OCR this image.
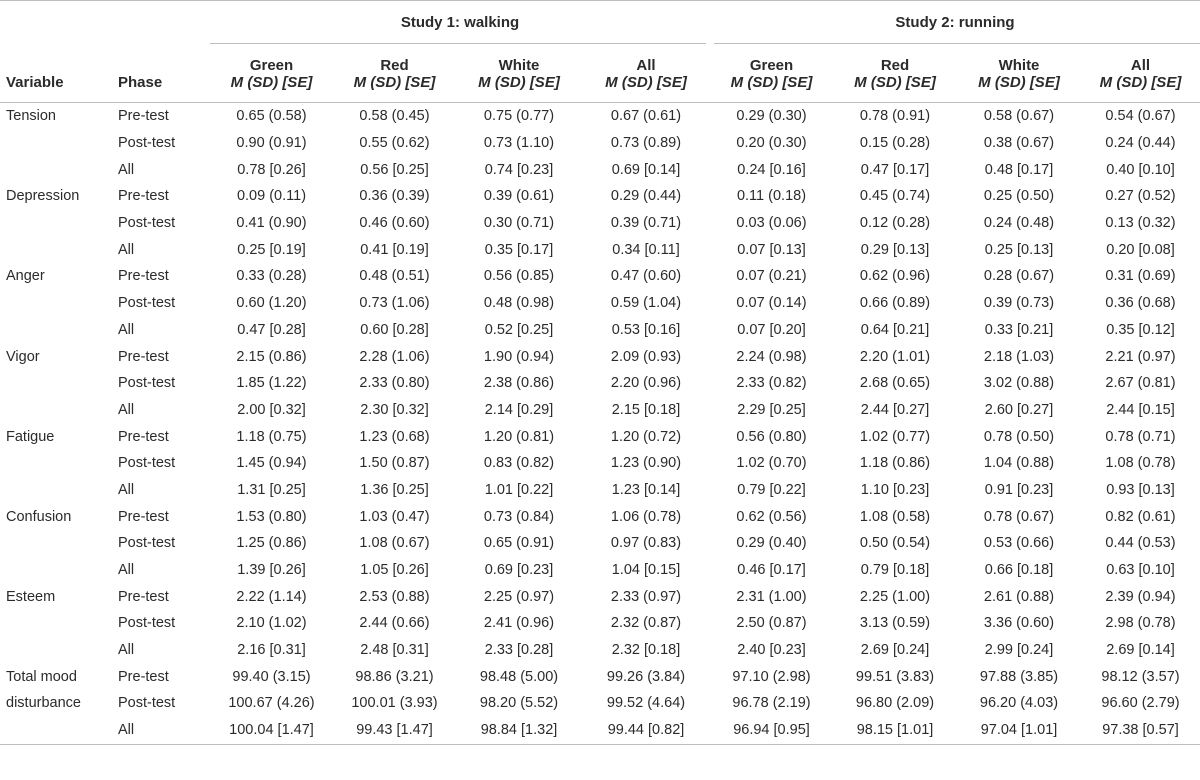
		Study 1: walking				Study 2: running			

		Green	Red	White	All	Green	Red	White	All
Variable	Phase	M (SD) [SE]	M (SD) [SE]	M (SD) [SE]	M (SD) [SE]	M (SD) [SE]	M (SD) [SE]	M (SD) [SE]	M (SD) [SE]

Tension	Pre-test	0.65 (0.58)	0.58 (0.45)	0.75 (0.77)	0.67 (0.61)	0.29 (0.30)	0.78 (0.91)	0.58 (0.67)	0.54 (0.67)
	Post-test	0.90 (0.91)	0.55 (0.62)	0.73 (1.10)	0.73 (0.89)	0.20 (0.30)	0.15 (0.28)	0.38 (0.67)	0.24 (0.44)
	All	0.78 [0.26]	0.56 [0.25]	0.74 [0.23]	0.69 [0.14]	0.24 [0.16]	0.47 [0.17]	0.48 [0.17]	0.40 [0.10]
Depression	Pre-test	0.09 (0.11)	0.36 (0.39)	0.39 (0.61)	0.29 (0.44)	0.11 (0.18)	0.45 (0.74)	0.25 (0.50)	0.27 (0.52)
	Post-test	0.41 (0.90)	0.46 (0.60)	0.30 (0.71)	0.39 (0.71)	0.03 (0.06)	0.12 (0.28)	0.24 (0.48)	0.13 (0.32)
	All	0.25 [0.19]	0.41 [0.19]	0.35 [0.17]	0.34 [0.11]	0.07 [0.13]	0.29 [0.13]	0.25 [0.13]	0.20 [0.08]
Anger	Pre-test	0.33 (0.28)	0.48 (0.51)	0.56 (0.85)	0.47 (0.60)	0.07 (0.21)	0.62 (0.96)	0.28 (0.67)	0.31 (0.69)
	Post-test	0.60 (1.20)	0.73 (1.06)	0.48 (0.98)	0.59 (1.04)	0.07 (0.14)	0.66 (0.89)	0.39 (0.73)	0.36 (0.68)
	All	0.47 [0.28]	0.60 [0.28]	0.52 [0.25]	0.53 [0.16]	0.07 [0.20]	0.64 [0.21]	0.33 [0.21]	0.35 [0.12]
Vigor	Pre-test	2.15 (0.86)	2.28 (1.06)	1.90 (0.94)	2.09 (0.93)	2.24 (0.98)	2.20 (1.01)	2.18 (1.03)	2.21 (0.97)
	Post-test	1.85 (1.22)	2.33 (0.80)	2.38 (0.86)	2.20 (0.96)	2.33 (0.82)	2.68 (0.65)	3.02 (0.88)	2.67 (0.81)
	All	2.00 [0.32]	2.30 [0.32]	2.14 [0.29]	2.15 [0.18]	2.29 [0.25]	2.44 [0.27]	2.60 [0.27]	2.44 [0.15]
Fatigue	Pre-test	1.18 (0.75)	1.23 (0.68)	1.20 (0.81)	1.20 (0.72)	0.56 (0.80)	1.02 (0.77)	0.78 (0.50)	0.78 (0.71)
	Post-test	1.45 (0.94)	1.50 (0.87)	0.83 (0.82)	1.23 (0.90)	1.02 (0.70)	1.18 (0.86)	1.04 (0.88)	1.08 (0.78)
	All	1.31 [0.25]	1.36 [0.25]	1.01 [0.22]	1.23 [0.14]	0.79 [0.22]	1.10 [0.23]	0.91 [0.23]	0.93 [0.13]
Confusion	Pre-test	1.53 (0.80)	1.03 (0.47)	0.73 (0.84)	1.06 (0.78)	0.62 (0.56)	1.08 (0.58)	0.78 (0.67)	0.82 (0.61)
	Post-test	1.25 (0.86)	1.08 (0.67)	0.65 (0.91)	0.97 (0.83)	0.29 (0.40)	0.50 (0.54)	0.53 (0.66)	0.44 (0.53)
	All	1.39 [0.26]	1.05 [0.26]	0.69 [0.23]	1.04 [0.15]	0.46 [0.17]	0.79 [0.18]	0.66 [0.18]	0.63 [0.10]
Esteem	Pre-test	2.22 (1.14)	2.53 (0.88)	2.25 (0.97)	2.33 (0.97)	2.31 (1.00)	2.25 (1.00)	2.61 (0.88)	2.39 (0.94)
	Post-test	2.10 (1.02)	2.44 (0.66)	2.41 (0.96)	2.32 (0.87)	2.50 (0.87)	3.13 (0.59)	3.36 (0.60)	2.98 (0.78)
	All	2.16 [0.31]	2.48 [0.31]	2.33 [0.28]	2.32 [0.18]	2.40 [0.23]	2.69 [0.24]	2.99 [0.24]	2.69 [0.14]
Total mood	Pre-test	99.40 (3.15)	98.86 (3.21)	98.48 (5.00)	99.26 (3.84)	97.10 (2.98)	99.51 (3.83)	97.88 (3.85)	98.12 (3.57)
disturbance	Post-test	100.67 (4.26)	100.01 (3.93)	98.20 (5.52)	99.52 (4.64)	96.78 (2.19)	96.80 (2.09)	96.20 (4.03)	96.60 (2.79)
	All	100.04 [1.47]	99.43 [1.47]	98.84 [1.32]	99.44 [0.82]	96.94 [0.95]	98.15 [1.01]	97.04 [1.01]	97.38 [0.57]
